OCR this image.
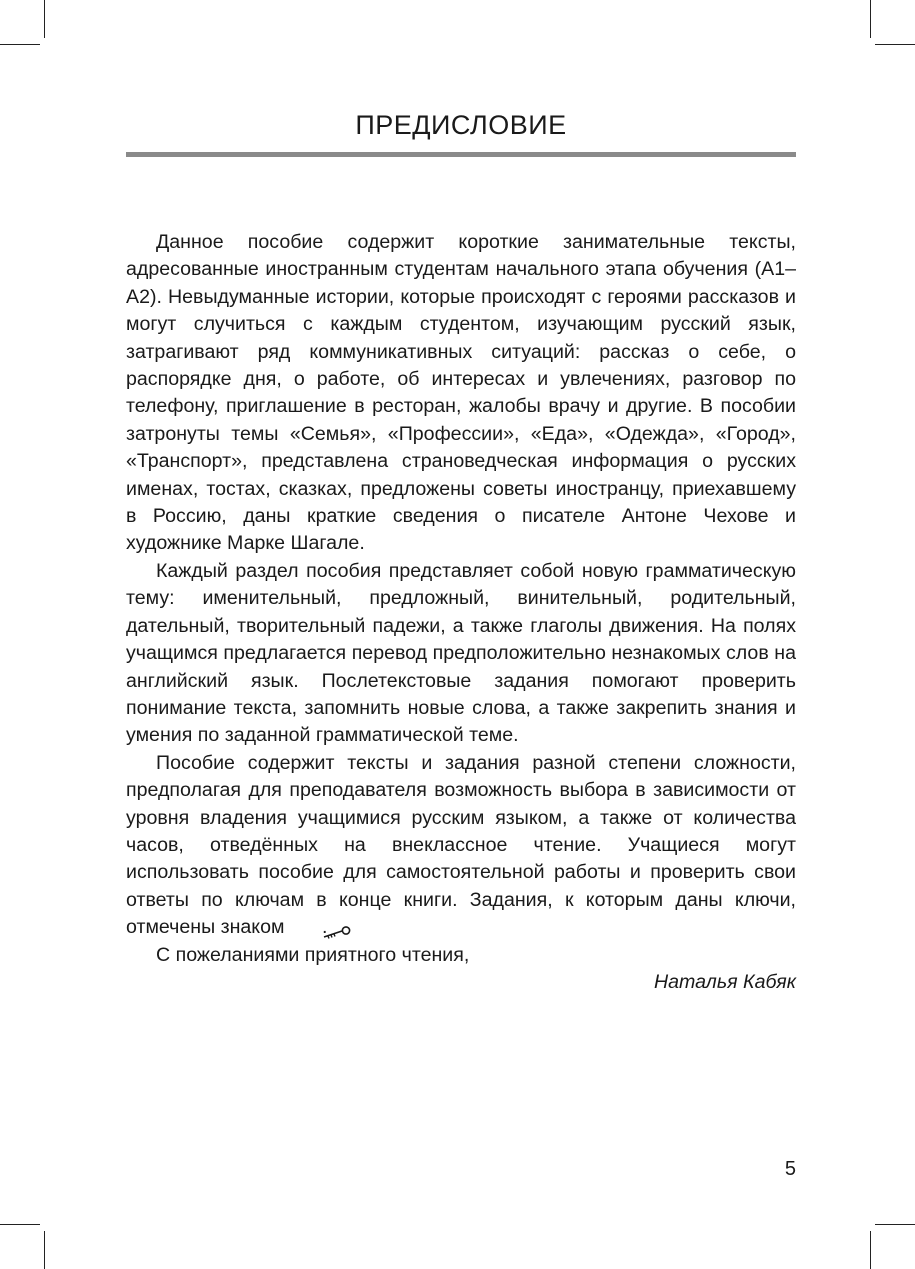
ПРЕДИСЛОВИЕ

Данное пособие содержит короткие занимательные тексты, адресованные иностранным студентам начального этапа обучения (А1–А2). Невыдуманные истории, которые происходят с героями рассказов и могут случиться с каждым студентом, изучающим русский язык, затрагивают ряд коммуникативных ситуаций: рассказ о себе, о распорядке дня, о работе, об интересах и увлечениях, разговор по телефону, приглашение в ресторан, жалобы врачу и другие. В пособии затронуты темы «Семья», «Профессии», «Еда», «Одежда», «Город», «Транспорт», представлена страноведческая информация о русских именах, тостах, сказках, предложены советы иностранцу, приехавшему в Россию, даны краткие сведения о писателе Антоне Чехове и художнике Марке Шагале.

Каждый раздел пособия представляет собой новую грамматическую тему: именительный, предложный, винительный, родительный, дательный, творительный падежи, а также глаголы движения. На полях учащимся предлагается перевод предположительно незнакомых слов на английский язык. Послетекстовые задания помогают проверить понимание текста, запомнить новые слова, а также закрепить знания и умения по заданной грамматической теме.

Пособие содержит тексты и задания разной степени сложности, предполагая для преподавателя возможность выбора в зависимости от уровня владения учащимися русским языком, а также от количества часов, отведённых на внеклассное чтение. Учащиеся могут использовать пособие для самостоятельной работы и проверить свои ответы по ключам в конце книги. Задания, к которым даны ключи, отмечены знаком .

С пожеланиями приятного чтения,

Наталья Кабяк

5
